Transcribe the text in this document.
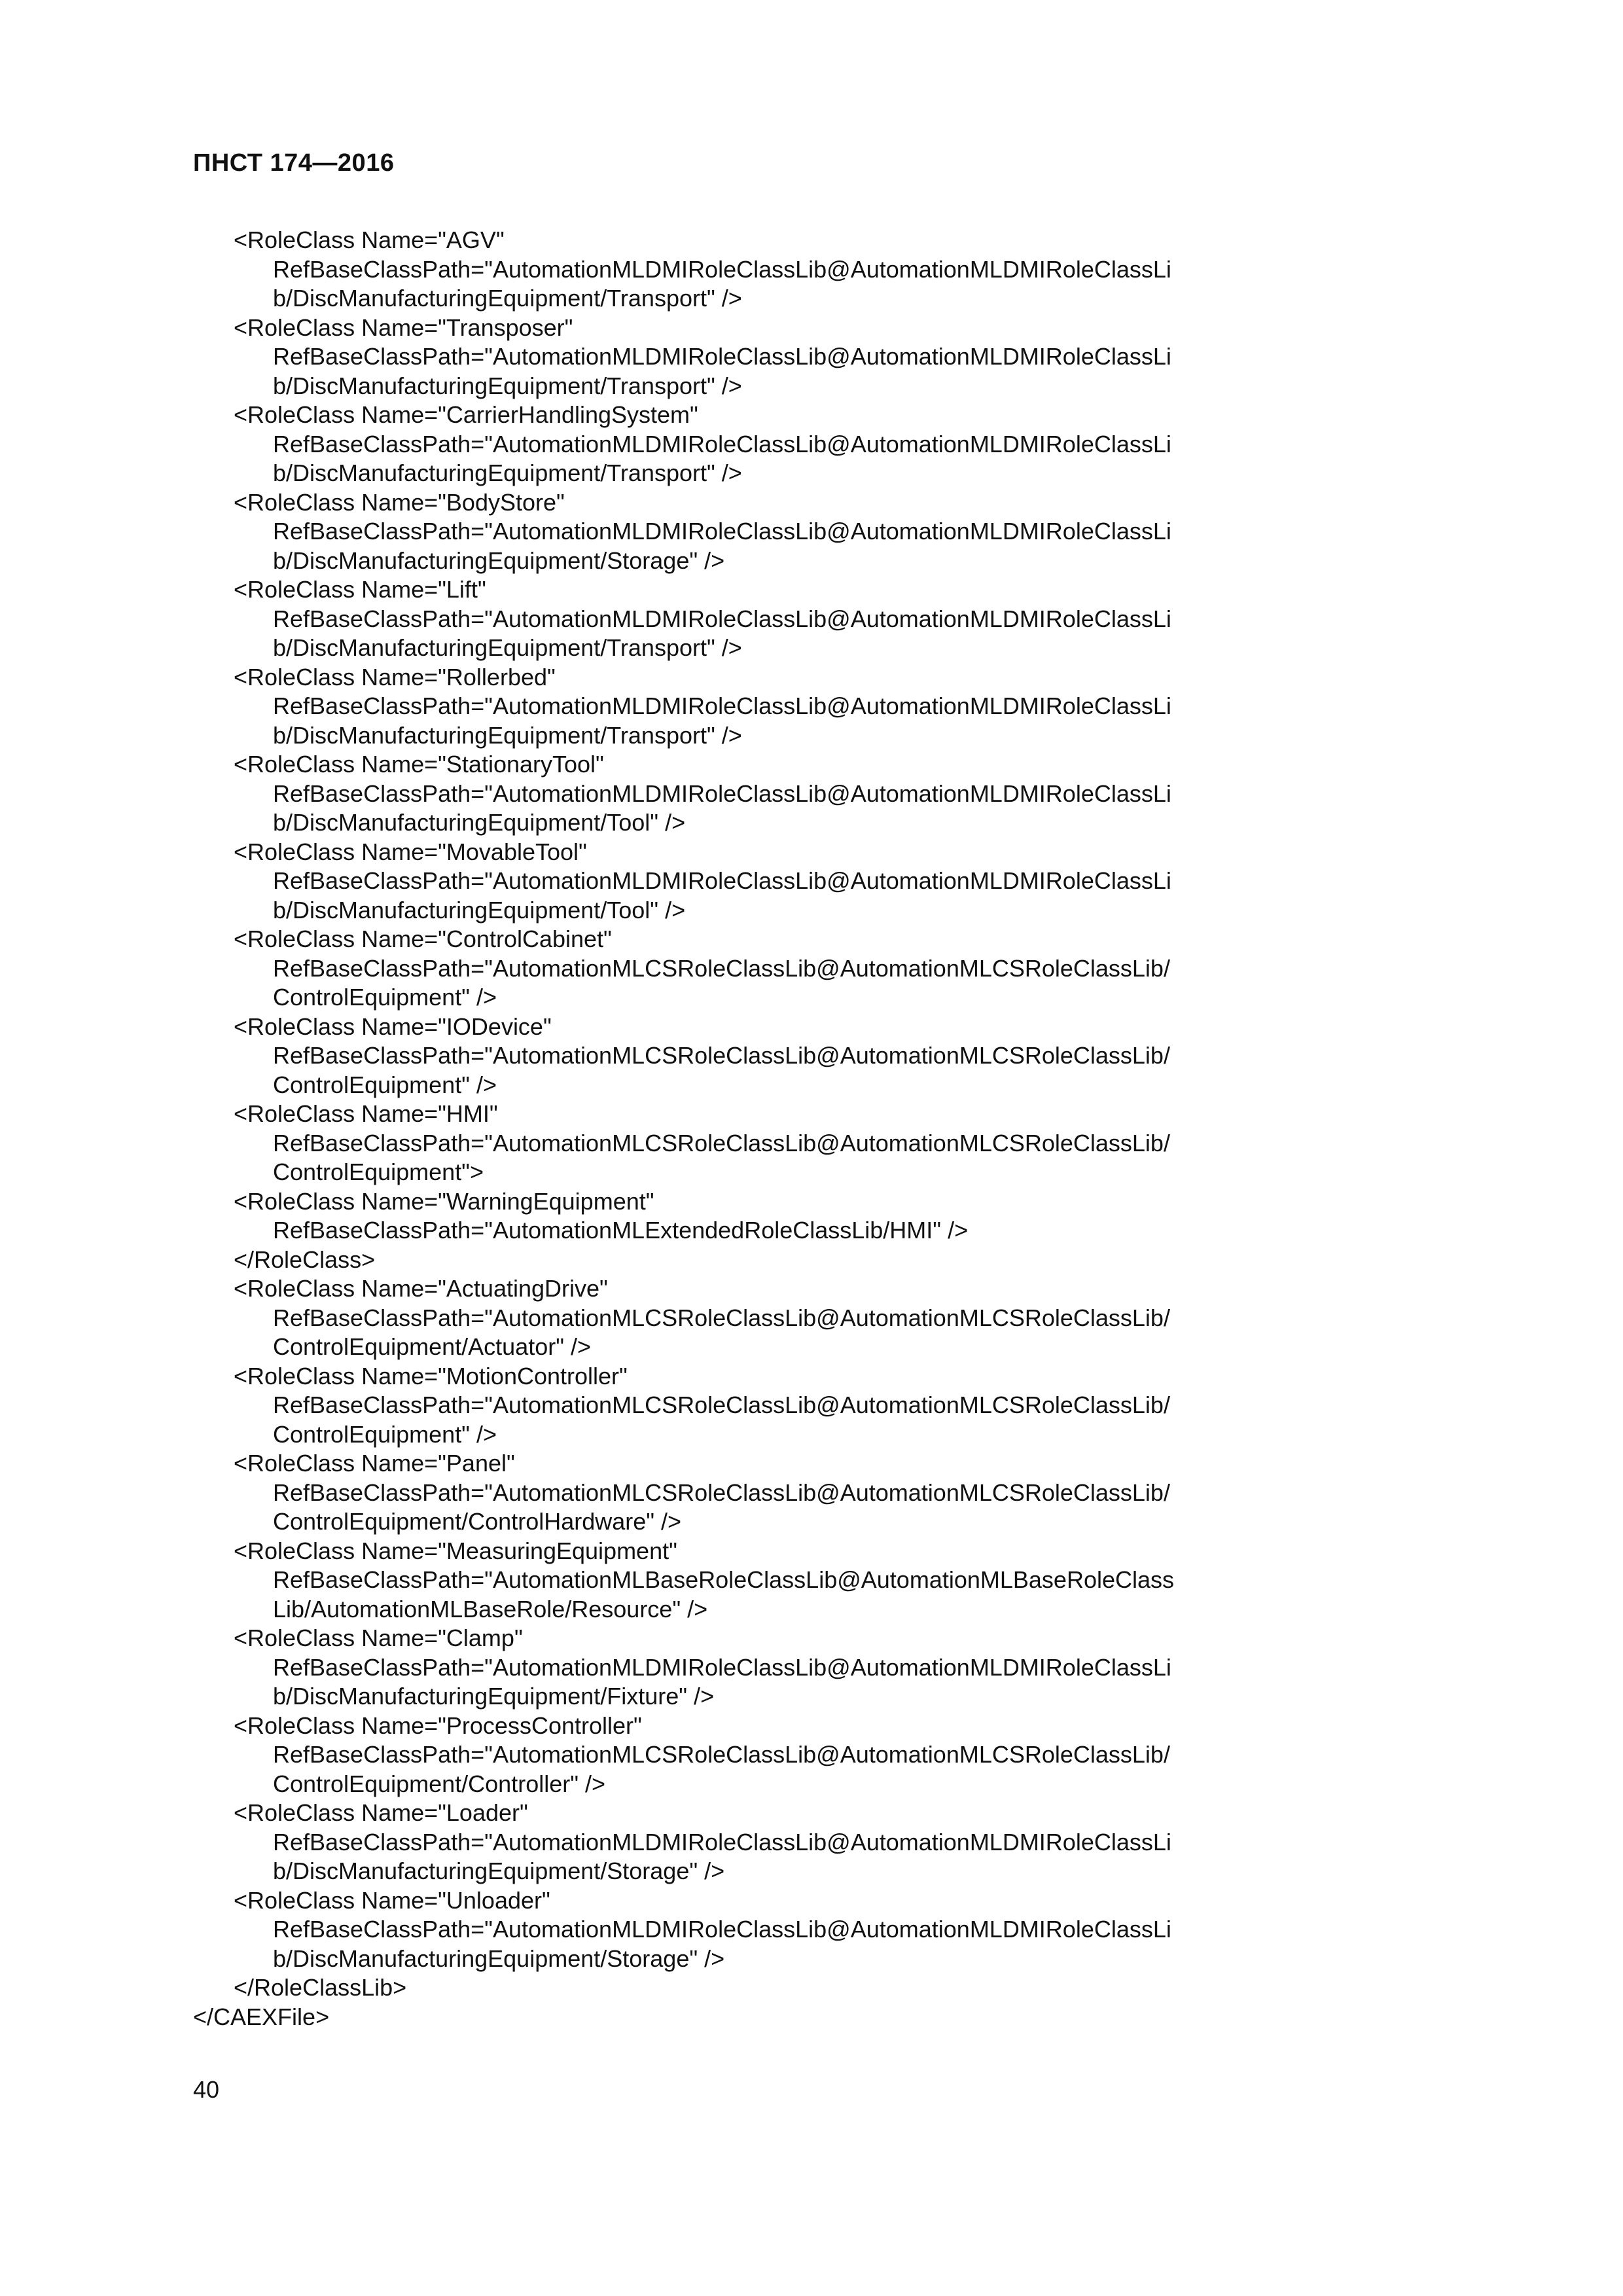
ПНСТ 174—2016
<RoleClass Name="AGV"
RefBaseClassPath="AutomationMLDMIRoleClassLib@AutomationMLDMIRoleClassLi
b/DiscManufacturingEquipment/Transport" />
<RoleClass Name="Transposer"
RefBaseClassPath="AutomationMLDMIRoleClassLib@AutomationMLDMIRoleClassLi
b/DiscManufacturingEquipment/Transport" />
<RoleClass Name="CarrierHandlingSystem"
RefBaseClassPath="AutomationMLDMIRoleClassLib@AutomationMLDMIRoleClassLi
b/DiscManufacturingEquipment/Transport" />
<RoleClass Name="BodyStore"
RefBaseClassPath="AutomationMLDMIRoleClassLib@AutomationMLDMIRoleClassLi
b/DiscManufacturingEquipment/Storage" />
<RoleClass Name="Lift"
RefBaseClassPath="AutomationMLDMIRoleClassLib@AutomationMLDMIRoleClassLi
b/DiscManufacturingEquipment/Transport" />
<RoleClass Name="Rollerbed"
RefBaseClassPath="AutomationMLDMIRoleClassLib@AutomationMLDMIRoleClassLi
b/DiscManufacturingEquipment/Transport" />
<RoleClass Name="StationaryTool"
RefBaseClassPath="AutomationMLDMIRoleClassLib@AutomationMLDMIRoleClassLi
b/DiscManufacturingEquipment/Tool" />
<RoleClass Name="MovableTool"
RefBaseClassPath="AutomationMLDMIRoleClassLib@AutomationMLDMIRoleClassLi
b/DiscManufacturingEquipment/Tool" />
<RoleClass Name="ControlCabinet"
RefBaseClassPath="AutomationMLCSRoleClassLib@AutomationMLCSRoleClassLib/
ControlEquipment" />
<RoleClass Name="IODevice"
RefBaseClassPath="AutomationMLCSRoleClassLib@AutomationMLCSRoleClassLib/
ControlEquipment" />
<RoleClass Name="HMI"
RefBaseClassPath="AutomationMLCSRoleClassLib@AutomationMLCSRoleClassLib/
ControlEquipment">
<RoleClass Name="WarningEquipment"
RefBaseClassPath="AutomationMLExtendedRoleClassLib/HMI" />
</RoleClass>
<RoleClass Name="ActuatingDrive"
RefBaseClassPath="AutomationMLCSRoleClassLib@AutomationMLCSRoleClassLib/
ControlEquipment/Actuator" />
<RoleClass Name="MotionController"
RefBaseClassPath="AutomationMLCSRoleClassLib@AutomationMLCSRoleClassLib/
ControlEquipment" />
<RoleClass Name="Panel"
RefBaseClassPath="AutomationMLCSRoleClassLib@AutomationMLCSRoleClassLib/
ControlEquipment/ControlHardware" />
<RoleClass Name="MeasuringEquipment"
RefBaseClassPath="AutomationMLBaseRoleClassLib@AutomationMLBaseRoleClass
Lib/AutomationMLBaseRole/Resource" />
<RoleClass Name="Clamp"
RefBaseClassPath="AutomationMLDMIRoleClassLib@AutomationMLDMIRoleClassLi
b/DiscManufacturingEquipment/Fixture" />
<RoleClass Name="ProcessController"
RefBaseClassPath="AutomationMLCSRoleClassLib@AutomationMLCSRoleClassLib/
ControlEquipment/Controller" />
<RoleClass Name="Loader"
RefBaseClassPath="AutomationMLDMIRoleClassLib@AutomationMLDMIRoleClassLi
b/DiscManufacturingEquipment/Storage" />
<RoleClass Name="Unloader"
RefBaseClassPath="AutomationMLDMIRoleClassLib@AutomationMLDMIRoleClassLi
b/DiscManufacturingEquipment/Storage" />
</RoleClassLib>
</CAEXFile>
40
